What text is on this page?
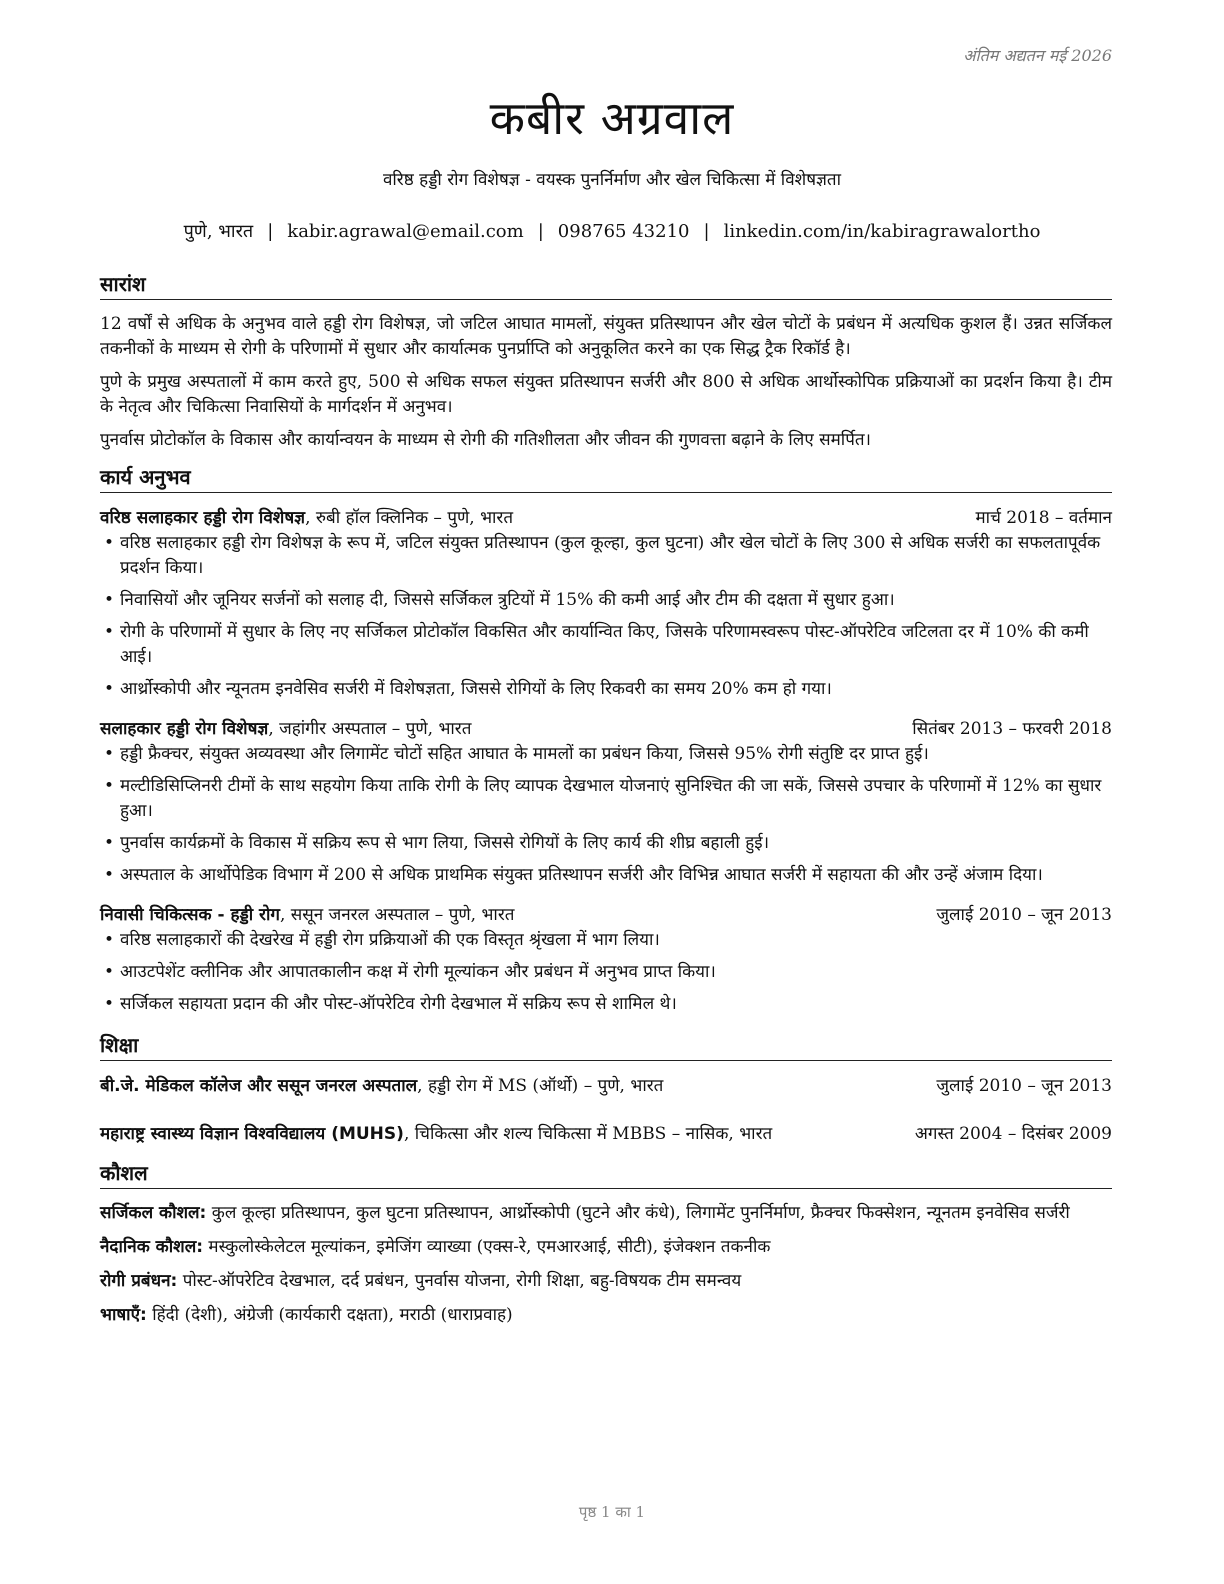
अंतिम अद्यतन मई 2026
कबीर अग्रवाल
वरिष्ठ हड्डी रोग विशेषज्ञ - वयस्क पुनर्निर्माण और खेल चिकित्सा में विशेषज्ञता
पुणे, भारत | kabir.agrawal@email.com | 098765 43210 | linkedin.com/in/kabiragrawalortho
सारांश

12 वर्षों से अधिक के अनुभव वाले हड्डी रोग विशेषज्ञ, जो जटिल आघात मामलों, संयुक्त प्रतिस्थापन और खेल चोटों के प्रबंधन में अत्यधिक कुशल हैं। उन्नत सर्जिकल तकनीकों के माध्यम से रोगी के परिणामों में सुधार और कार्यात्मक पुनर्प्राप्ति को अनुकूलित करने का एक सिद्ध ट्रैक रिकॉर्ड है।

पुणे के प्रमुख अस्पतालों में काम करते हुए, 500 से अधिक सफल संयुक्त प्रतिस्थापन सर्जरी और 800 से अधिक आर्थोस्कोपिक प्रक्रियाओं का प्रदर्शन किया है। टीम के नेतृत्व और चिकित्सा निवासियों के मार्गदर्शन में अनुभव।

पुनर्वास प्रोटोकॉल के विकास और कार्यान्वयन के माध्यम से रोगी की गतिशीलता और जीवन की गुणवत्ता बढ़ाने के लिए समर्पित।

कार्य अनुभव
वरिष्ठ सलाहकार हड्डी रोग विशेषज्ञ, रुबी हॉल क्लिनिक – पुणे, भारत	मार्च 2018 – वर्तमान
• वरिष्ठ सलाहकार हड्डी रोग विशेषज्ञ के रूप में, जटिल संयुक्त प्रतिस्थापन (कुल कूल्हा, कुल घुटना) और खेल चोटों के लिए 300 से अधिक सर्जरी का सफलतापूर्वक प्रदर्शन किया।
• निवासियों और जूनियर सर्जनों को सलाह दी, जिससे सर्जिकल त्रुटियों में 15% की कमी आई और टीम की दक्षता में सुधार हुआ।
• रोगी के परिणामों में सुधार के लिए नए सर्जिकल प्रोटोकॉल विकसित और कार्यान्वित किए, जिसके परिणामस्वरूप पोस्ट-ऑपरेटिव जटिलता दर में 10% की कमी आई।
• आर्थ्रोस्कोपी और न्यूनतम इनवेसिव सर्जरी में विशेषज्ञता, जिससे रोगियों के लिए रिकवरी का समय 20% कम हो गया।
सलाहकार हड्डी रोग विशेषज्ञ, जहांगीर अस्पताल – पुणे, भारत	सितंबर 2013 – फरवरी 2018
• हड्डी फ्रैक्चर, संयुक्त अव्यवस्था और लिगामेंट चोटों सहित आघात के मामलों का प्रबंधन किया, जिससे 95% रोगी संतुष्टि दर प्राप्त हुई।
• मल्टीडिसिप्लिनरी टीमों के साथ सहयोग किया ताकि रोगी के लिए व्यापक देखभाल योजनाएं सुनिश्चित की जा सकें, जिससे उपचार के परिणामों में 12% का सुधार हुआ।
• पुनर्वास कार्यक्रमों के विकास में सक्रिय रूप से भाग लिया, जिससे रोगियों के लिए कार्य की शीघ्र बहाली हुई।
• अस्पताल के आर्थोपेडिक विभाग में 200 से अधिक प्राथमिक संयुक्त प्रतिस्थापन सर्जरी और विभिन्न आघात सर्जरी में सहायता की और उन्हें अंजाम दिया।
निवासी चिकित्सक - हड्डी रोग, ससून जनरल अस्पताल – पुणे, भारत	जुलाई 2010 – जून 2013
• वरिष्ठ सलाहकारों की देखरेख में हड्डी रोग प्रक्रियाओं की एक विस्तृत श्रृंखला में भाग लिया।
• आउटपेशेंट क्लीनिक और आपातकालीन कक्ष में रोगी मूल्यांकन और प्रबंधन में अनुभव प्राप्त किया।
• सर्जिकल सहायता प्रदान की और पोस्ट-ऑपरेटिव रोगी देखभाल में सक्रिय रूप से शामिल थे।
शिक्षा
बी.जे. मेडिकल कॉलेज और ससून जनरल अस्पताल, हड्डी रोग में MS (ऑर्थो) – पुणे, भारत	जुलाई 2010 – जून 2013
महाराष्ट्र स्वास्थ्य विज्ञान विश्वविद्यालय (MUHS), चिकित्सा और शल्य चिकित्सा में MBBS – नासिक, भारत	अगस्त 2004 – दिसंबर 2009
कौशल

सर्जिकल कौशल: कुल कूल्हा प्रतिस्थापन, कुल घुटना प्रतिस्थापन, आर्थ्रोस्कोपी (घुटने और कंधे), लिगामेंट पुनर्निर्माण, फ्रैक्चर फिक्सेशन, न्यूनतम इनवेसिव सर्जरी

नैदानिक कौशल: मस्कुलोस्केलेटल मूल्यांकन, इमेजिंग व्याख्या (एक्स-रे, एमआरआई, सीटी), इंजेक्शन तकनीक

रोगी प्रबंधन: पोस्ट-ऑपरेटिव देखभाल, दर्द प्रबंधन, पुनर्वास योजना, रोगी शिक्षा, बहु-विषयक टीम समन्वय

भाषाएँ: हिंदी (देशी), अंग्रेजी (कार्यकारी दक्षता), मराठी (धाराप्रवाह)

पृष्ठ 1 का 1
